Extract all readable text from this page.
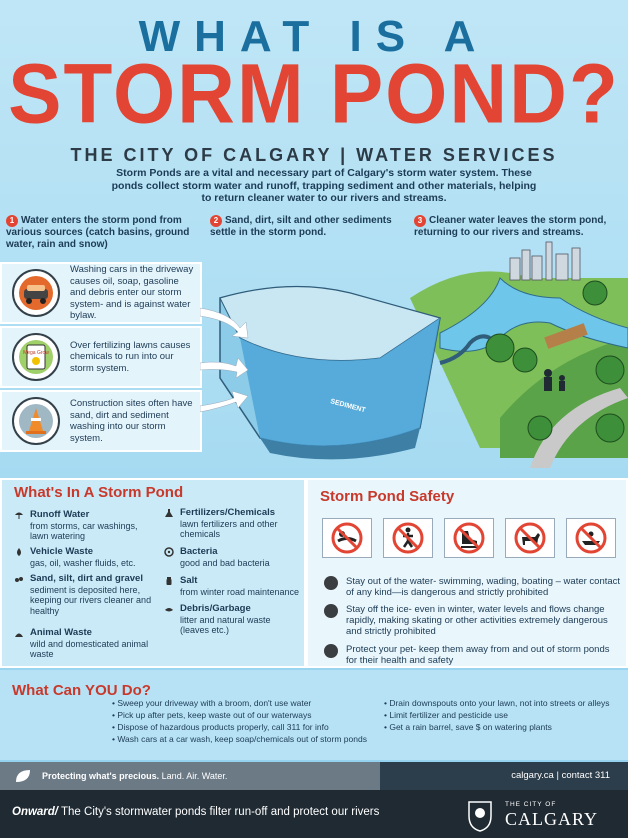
WHAT IS A
STORM POND?
THE CITY OF CALGARY | WATER SERVICES
Storm Ponds are a vital and necessary part of Calgary's storm water system. These ponds collect storm water and runoff, trapping sediment and other materials, helping to return cleaner water to our rivers and streams.
1 Water enters the storm pond from various sources (catch basins, ground water, rain and snow)
2 Sand, dirt, silt and other sediments settle in the storm pond.
3 Cleaner water leaves the storm pond, returning to our rivers and streams.
Washing cars in the driveway causes oil, soap, gasoline and debris enter our storm system- and is against water bylaw.
Mega Grow
Over fertilizing lawns causes chemicals to run into our storm system.
Construction sites often have sand, dirt and sediment washing into our storm system.
SEDIMENT
What's In A Storm Pond
Runoff Water
from storms, car washings, lawn watering
Vehicle Waste
gas, oil, washer fluids, etc.
Sand, silt, dirt and gravel
sediment is deposited here, keeping our rivers cleaner and healthy
Animal Waste
wild and domesticated animal waste
Fertilizers/Chemicals
lawn fertilizers and other chemicals
Bacteria
good and bad bacteria
Salt
from winter road maintenance
Debris/Garbage
litter and natural waste (leaves etc.)
Storm Pond Safety
Stay out of the water- swimming, wading, boating – water contact of any kind—is dangerous and strictly prohibited
Stay off the ice- even in winter, water levels and flows change rapidly, making skating or other activities extremely dangerous and strictly prohibited
Protect your pet- keep them away from and out of storm ponds for their health and safety
What Can YOU Do?
• Sweep your driveway with a broom, don't use water
• Pick up after pets, keep waste out of our waterways
• Dispose of hazardous products properly, call 311 for info
• Wash cars at a car wash, keep soap/chemicals out of storm ponds
• Drain downspouts onto your lawn, not into streets or alleys
• Limit fertilizer and pesticide use
• Get a rain barrel, save $ on watering plants
Protecting what's precious. Land. Air. Water.	calgary.ca | contact 311
Onward/ The City's stormwater ponds filter run-off and protect our rivers
THE CITY OF
CALGARY
